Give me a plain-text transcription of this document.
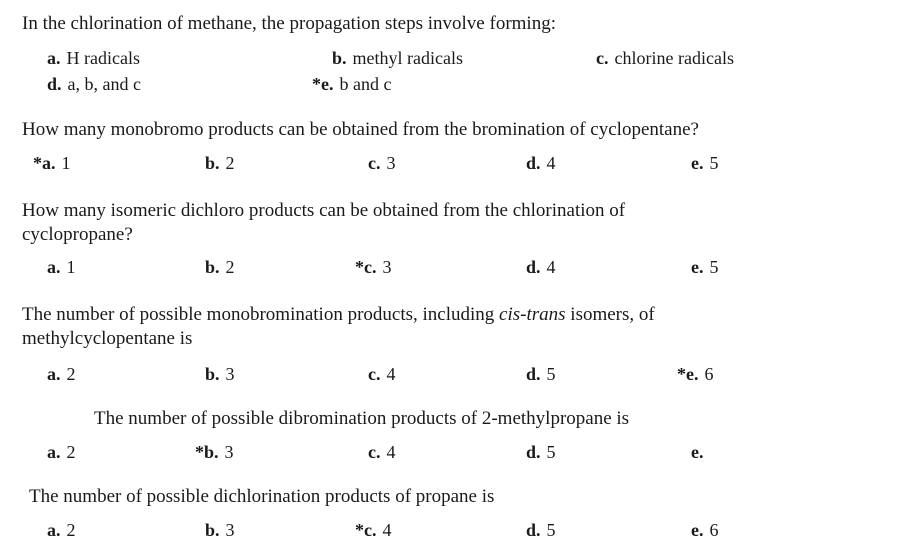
In the chlorination of methane, the propagation steps involve forming:
a. H radicals	b. methyl radicals	c. chlorine radicals
d. a, b, and c	*e. b and c
How many monobromo products can be obtained from the bromination of cyclopentane?
*a. 1	b. 2	c. 3	d. 4	e. 5
How many isomeric dichloro products can be obtained from the chlorination of
cyclopropane?
a. 1	b. 2	*c. 3	d. 4	e. 5
The number of possible monobromination products, including cis-trans isomers, of
methylcyclopentane is
a. 2	b. 3	c. 4	d. 5	*e. 6
The number of possible dibromination products of 2-methylpropane is
a. 2	*b. 3	c. 4	d. 5	e.
The number of possible dichlorination products of propane is
a. 2	b. 3	*c. 4	d. 5	e. 6
